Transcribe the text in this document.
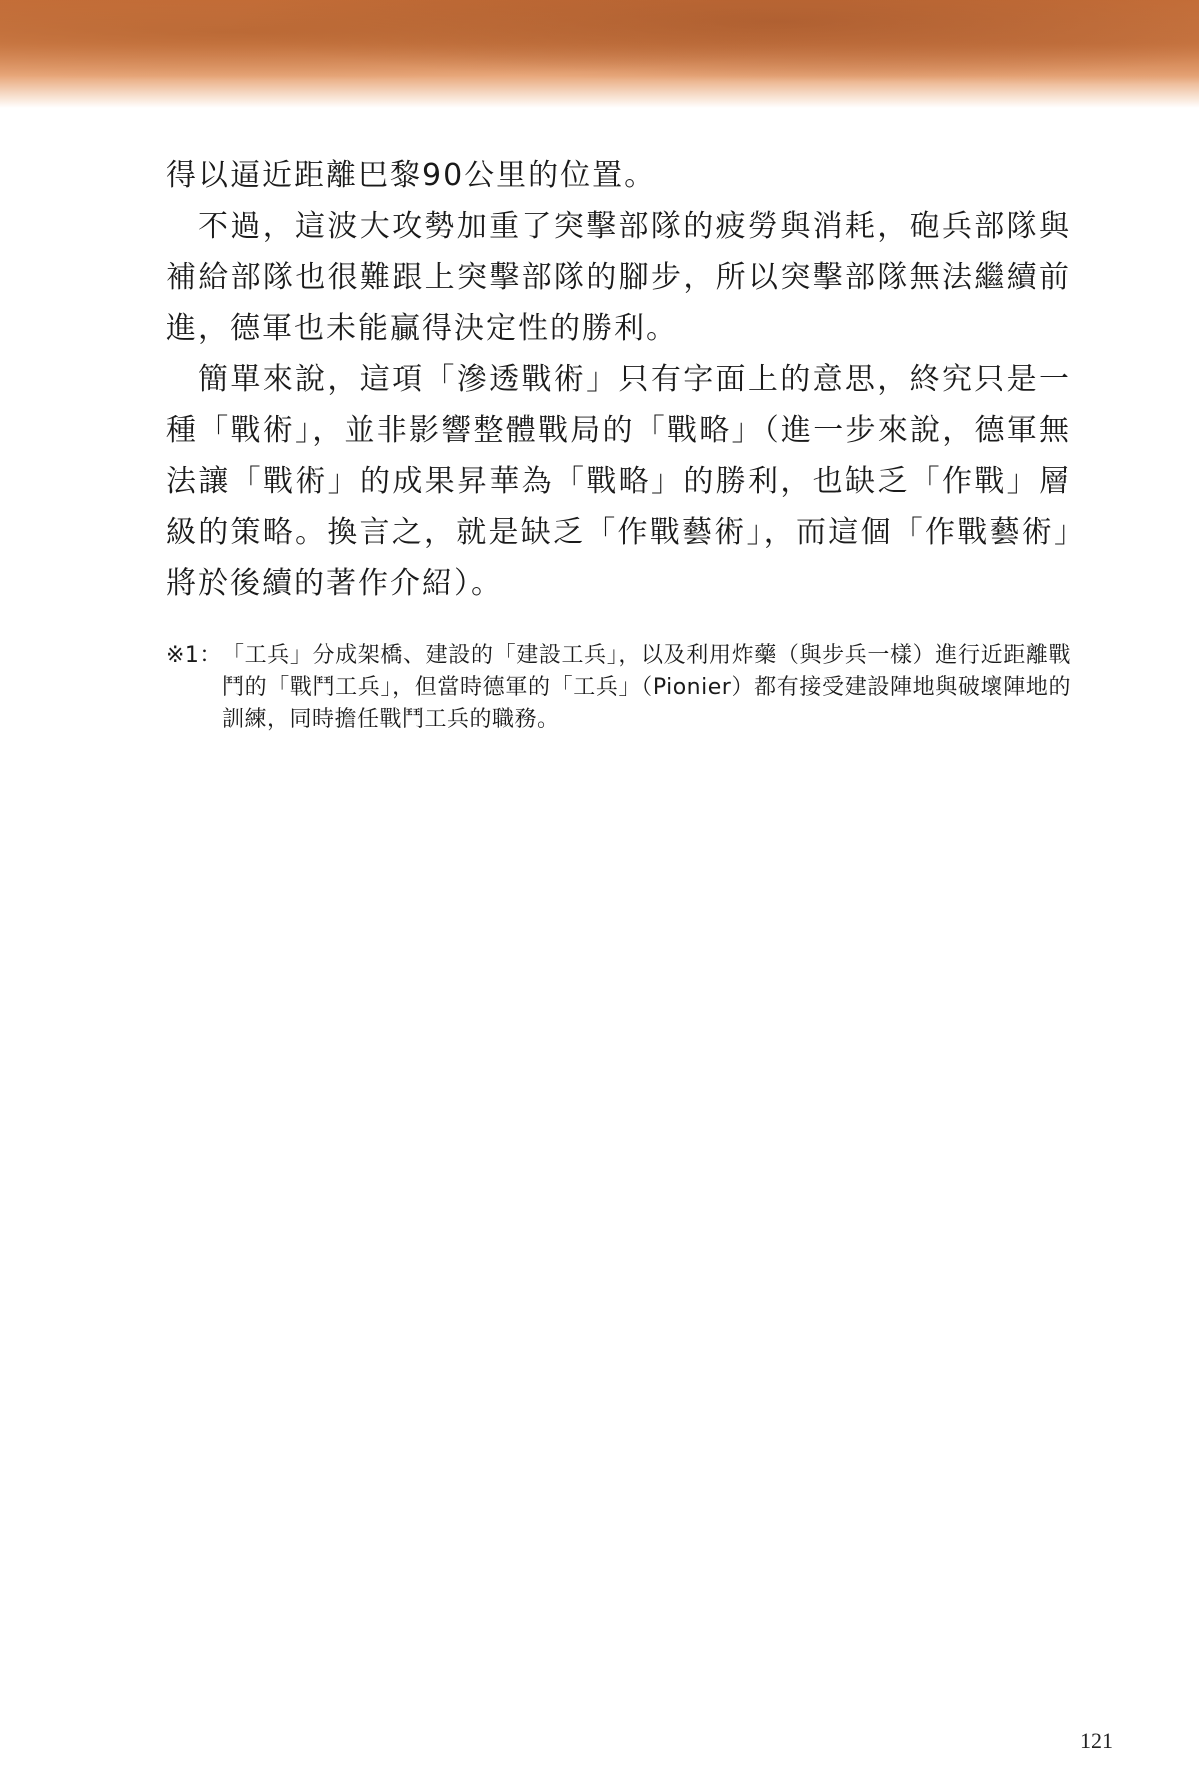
得以逼近距離巴黎90公里的位置。

不過，這波大攻勢加重了突擊部隊的疲勞與消耗，砲兵部隊與補給部隊也很難跟上突擊部隊的腳步，所以突擊部隊無法繼續前進，德軍也未能贏得決定性的勝利。

簡單來說，這項「滲透戰術」只有字面上的意思，終究只是一種「戰術」，並非影響整體戰局的「戰略」（進一步來說，德軍無法讓「戰術」的成果昇華為「戰略」的勝利，也缺乏「作戰」層級的策略。換言之，就是缺乏「作戰藝術」，而這個「作戰藝術」將於後續的著作介紹）。

※1： 「工兵」分成架橋、建設的「建設工兵」，以及利用炸藥（與步兵一樣）進行近距離戰鬥的「戰鬥工兵」，但當時德軍的「工兵」（Pionier）都有接受建設陣地與破壞陣地的訓練，同時擔任戰鬥工兵的職務。
121
